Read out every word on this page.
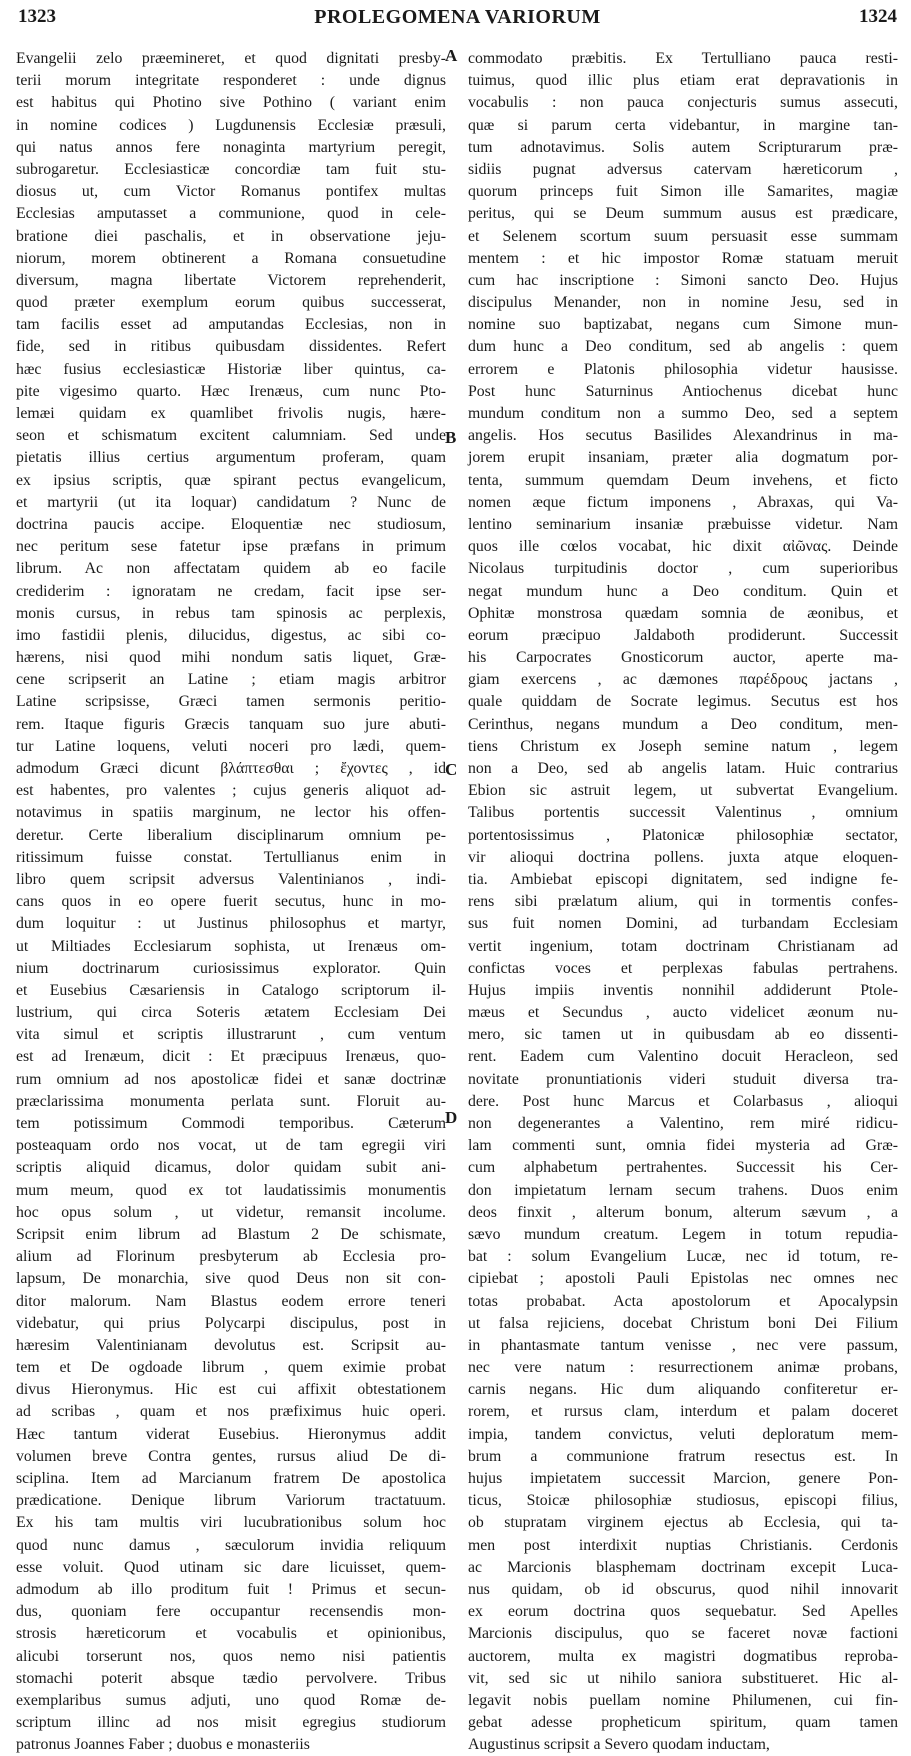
1323	PROLEGOMENA VARIORUM	1324
Evangelii zelo præemineret, et quod dignitati presby-
terii morum integritate responderet : unde dignus
est habitus qui Photino sive Pothino ( variant enim
in nomine codices ) Lugdunensis Ecclesiæ præsuli,
qui natus annos fere nonaginta martyrium peregit,
subrogaretur. Ecclesiasticæ concordiæ tam fuit stu-
diosus ut, cum Victor Romanus pontifex multas
Ecclesias amputasset a communione, quod in cele-
bratione diei paschalis, et in observatione jeju-
niorum, morem obtinerent a Romana consuetudine
diversum, magna libertate Victorem reprehenderit,
quod præter exemplum eorum quibus successerat,
tam facilis esset ad amputandas Ecclesias, non in
fide, sed in ritibus quibusdam dissidentes. Refert
hæc fusius ecclesiasticæ Historiæ liber quintus, ca-
pite vigesimo quarto. Hæc Irenæus, cum nunc Pto-
lemæi quidam ex quamlibet frivolis nugis, hære-
seon et schismatum excitent calumniam. Sed unde
pietatis illius certius argumentum proferam, quam
ex ipsius scriptis, quæ spirant pectus evangelicum,
et martyrii (ut ita loquar) candidatum ? Nunc de
doctrina paucis accipe. Eloquentiæ nec studiosum,
nec peritum sese fatetur ipse præfans in primum
librum. Ac non affectatam quidem ab eo facile
crediderim : ignoratam ne credam, facit ipse ser-
monis cursus, in rebus tam spinosis ac perplexis,
imo fastidii plenis, dilucidus, digestus, ac sibi co-
hærens, nisi quod mihi nondum satis liquet, Græ-
cene scripserit an Latine ; etiam magis arbitror
Latine scripsisse, Græci tamen sermonis peritio-
rem. Itaque figuris Græcis tanquam suo jure abuti-
tur Latine loquens, veluti noceri pro lædi, quem-
admodum Græci dicunt βλάπτεσθαι ; ἔχοντες , id
est habentes, pro valentes ; cujus generis aliquot ad-
notavimus in spatiis marginum, ne lector his offen-
deretur. Certe liberalium disciplinarum omnium pe-
ritissimum fuisse constat. Tertullianus enim in
libro quem scripsit adversus Valentinianos , indi-
cans quos in eo opere fuerit secutus, hunc in mo-
dum loquitur : ut Justinus philosophus et martyr,
ut Miltiades Ecclesiarum sophista, ut Irenæus om-
nium doctrinarum curiosissimus explorator. Quin
et Eusebius Cæsariensis in Catalogo scriptorum il-
lustrium, qui circa Soteris ætatem Ecclesiam Dei
vita simul et scriptis illustrarunt , cum ventum
est ad Irenæum, dicit : Et præcipuus Irenæus, quo-
rum omnium ad nos apostolicæ fidei et sanæ doctrinæ
præclarissima monumenta perlata sunt. Floruit au-
tem potissimum Commodi temporibus. Cæterum
posteaquam ordo nos vocat, ut de tam egregii viri
scriptis aliquid dicamus, dolor quidam subit ani-
mum meum, quod ex tot laudatissimis monumentis
hoc opus solum , ut videtur, remansit incolume.
Scripsit enim librum ad Blastum 2 De schismate,
alium ad Florinum presbyterum ab Ecclesia pro-
lapsum, De monarchia, sive quod Deus non sit con-
ditor malorum. Nam Blastus eodem errore teneri
videbatur, qui prius Polycarpi discipulus, post in
hæresim Valentinianam devolutus est. Scripsit au-
tem et De ogdoade librum , quem eximie probat
divus Hieronymus. Hic est cui affixit obtestationem
ad scribas , quam et nos præfiximus huic operi.
Hæc tantum viderat Eusebius. Hieronymus addit
volumen breve Contra gentes, rursus aliud De di-
sciplina. Item ad Marcianum fratrem De apostolica
prædicatione. Denique librum Variorum tractatuum.
Ex his tam multis viri lucubrationibus solum hoc
quod nunc damus , sæculorum invidia reliquum
esse voluit. Quod utinam sic dare licuisset, quem-
admodum ab illo proditum fuit ! Primus et secun-
dus, quoniam fere occupantur recensendis mon-
strosis hæreticorum et vocabulis et opinionibus,
alicubi torserunt nos, quos nemo nisi patientis
stomachi poterit absque tædio pervolvere. Tribus
exemplaribus sumus adjuti, uno quod Romæ de-
scriptum illinc ad nos misit egregius studiorum
patronus Joannes Faber ; duobus e monasteriis
commodato præbitis. Ex Tertulliano pauca resti-
tuimus, quod illic plus etiam erat depravationis in
vocabulis : non pauca conjecturis sumus assecuti,
quæ si parum certa videbantur, in margine tan-
tum adnotavimus. Solis autem Scripturarum præ-
sidiis pugnat adversus catervam hæreticorum ,
quorum princeps fuit Simon ille Samarites, magiæ
peritus, qui se Deum summum ausus est prædicare,
et Selenem scortum suum persuasit esse summam
mentem : et hic impostor Romæ statuam meruit
cum hac inscriptione : Simoni sancto Deo. Hujus
discipulus Menander, non in nomine Jesu, sed in
nomine suo baptizabat, negans cum Simone mun-
dum hunc a Deo conditum, sed ab angelis : quem
errorem e Platonis philosophia videtur hausisse.
Post hunc Saturninus Antiochenus dicebat hunc
mundum conditum non a summo Deo, sed a septem
angelis. Hos secutus Basilides Alexandrinus in ma-
jorem erupit insaniam, præter alia dogmatum por-
tenta, summum quemdam Deum invehens, et ficto
nomen æque fictum imponens , Abraxas, qui Va-
lentino seminarium insaniæ præbuisse videtur. Nam
quos ille cœlos vocabat, hic dixit αἰῶνας. Deinde
Nicolaus turpitudinis doctor , cum superioribus
negat mundum hunc a Deo conditum. Quin et
Ophitæ monstrosa quædam somnia de æonibus, et
eorum præcipuo Jaldaboth prodiderunt. Successit
his Carpocrates Gnosticorum auctor, aperte ma-
giam exercens , ac dæmones παρέδρους jactans ,
quale quiddam de Socrate legimus. Secutus est hos
Cerinthus, negans mundum a Deo conditum, men-
tiens Christum ex Joseph semine natum , legem
non a Deo, sed ab angelis latam. Huic contrarius
Ebion sic astruit legem, ut subvertat Evangelium.
Talibus portentis successit Valentinus , omnium
portentosissimus , Platonicæ philosophiæ sectator,
vir alioqui doctrina pollens. juxta atque eloquen-
tia. Ambiebat episcopi dignitatem, sed indigne fe-
rens sibi prælatum alium, qui in tormentis confes-
sus fuit nomen Domini, ad turbandam Ecclesiam
vertit ingenium, totam doctrinam Christianam ad
confictas voces et perplexas fabulas pertrahens.
Hujus impiis inventis nonnihil addiderunt Ptole-
mæus et Secundus , aucto videlicet æonum nu-
mero, sic tamen ut in quibusdam ab eo dissenti-
rent. Eadem cum Valentino docuit Heracleon, sed
novitate pronuntiationis videri studuit diversa tra-
dere. Post hunc Marcus et Colarbasus , alioqui
non degenerantes a Valentino, rem miré ridicu-
lam commenti sunt, omnia fidei mysteria ad Græ-
cum alphabetum pertrahentes. Successit his Cer-
don impietatum lernam secum trahens. Duos enim
deos finxit , alterum bonum, alterum sævum , a
sævo mundum creatum. Legem in totum repudia-
bat : solum Evangelium Lucæ, nec id totum, re-
cipiebat ; apostoli Pauli Epistolas nec omnes nec
totas probabat. Acta apostolorum et Apocalypsin
ut falsa rejiciens, docebat Christum boni Dei Filium
in phantasmate tantum venisse , nec vere passum,
nec vere natum : resurrectionem animæ probans,
carnis negans. Hic dum aliquando confiteretur er-
rorem, et rursus clam, interdum et palam doceret
impia, tandem convictus, veluti deploratum mem-
brum a communione fratrum resectus est. In
hujus impietatem successit Marcion, genere Pon-
ticus, Stoicæ philosophiæ studiosus, episcopi filius,
ob stupratam virginem ejectus ab Ecclesia, qui ta-
men post interdixit nuptias Christianis. Cerdonis
ac Marcionis blasphemam doctrinam excepit Luca-
nus quidam, ob id obscurus, quod nihil innovarit
ex eorum doctrina quos sequebatur. Sed Apelles
Marcionis discipulus, quo se faceret novæ factioni
auctorem, multa ex magistri dogmatibus reproba-
vit, sed sic ut nihilo saniora substitueret. Hic al-
legavit nobis puellam nomine Philumenen, cui fin-
gebat adesse propheticum spiritum, quam tamen
Augustinus scripsit a Severo quodam inductam,
A
B
C
D
